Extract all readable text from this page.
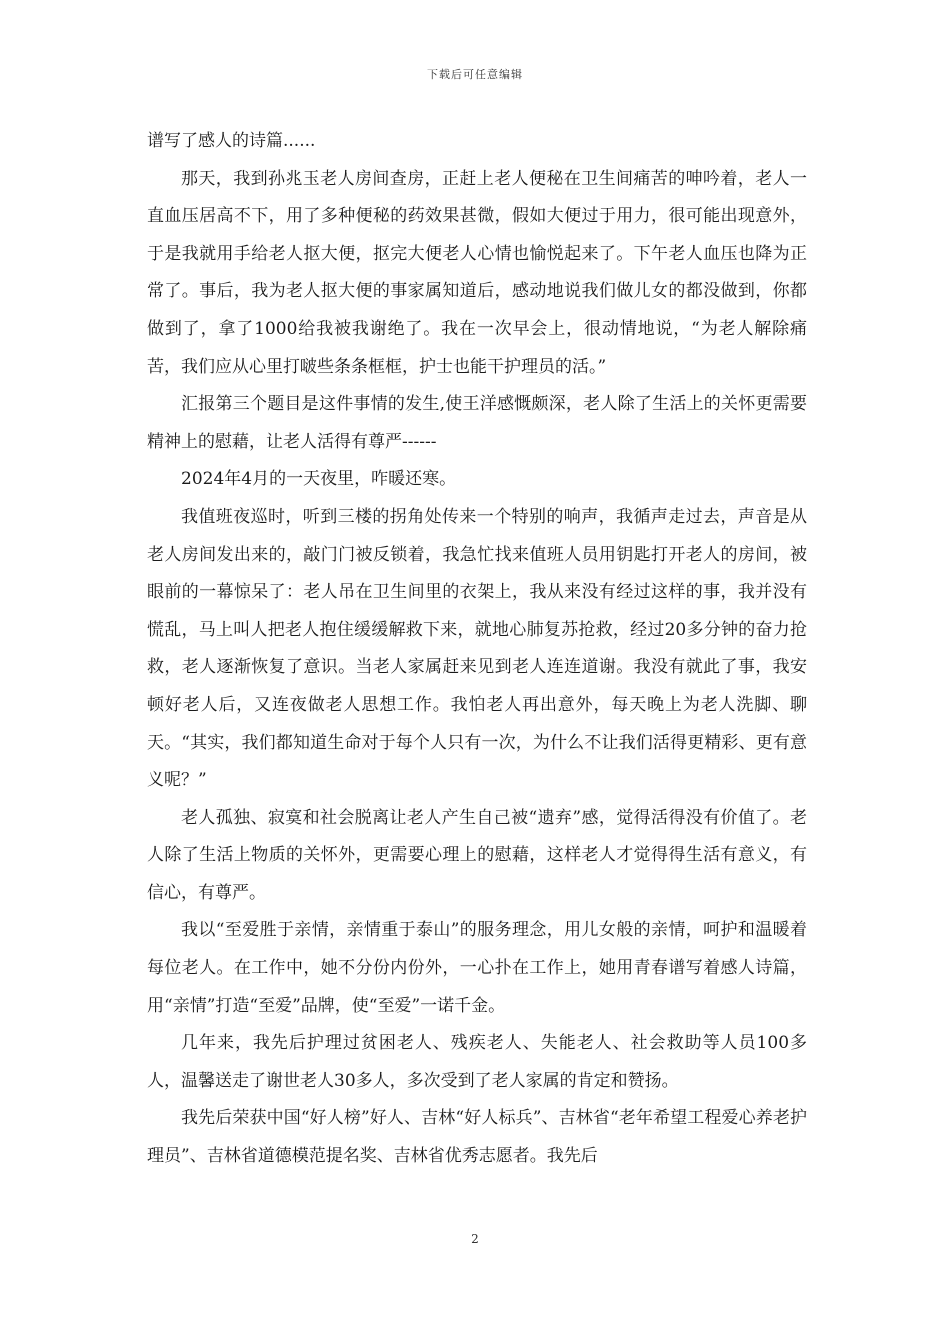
下载后可任意编辑

谱写了感人的诗篇......

那天，我到孙兆玉老人房间查房，正赶上老人便秘在卫生间痛苦的呻吟着，老人一直血压居高不下，用了多种便秘的药效果甚微，假如大便过于用力，很可能出现意外，于是我就用手给老人抠大便，抠完大便老人心情也愉悦起来了。下午老人血压也降为正常了。事后，我为老人抠大便的事家属知道后，感动地说我们做儿女的都没做到，你都做到了，拿了1000给我被我谢绝了。我在一次早会上，很动情地说，“为老人解除痛苦，我们应从心里打啵些条条框框，护士也能干护理员的活。”

汇报第三个题目是这件事情的发生,使王洋感慨颇深，老人除了生活上的关怀更需要精神上的慰藉，让老人活得有尊严------

2024年4月的一天夜里，咋暖还寒。

我值班夜巡时，听到三楼的拐角处传来一个特别的响声，我循声走过去，声音是从老人房间发出来的，敲门门被反锁着，我急忙找来值班人员用钥匙打开老人的房间，被眼前的一幕惊呆了：老人吊在卫生间里的衣架上，我从来没有经过这样的事，我并没有慌乱，马上叫人把老人抱住缓缓解救下来，就地心肺复苏抢救，经过20多分钟的奋力抢救，老人逐渐恢复了意识。当老人家属赶来见到老人连连道谢。我没有就此了事，我安顿好老人后，又连夜做老人思想工作。我怕老人再出意外，每天晚上为老人洗脚、聊天。“其实，我们都知道生命对于每个人只有一次，为什么不让我们活得更精彩、更有意义呢？”

老人孤独、寂寞和社会脱离让老人产生自己被“遗弃”感，觉得活得没有价值了。老人除了生活上物质的关怀外，更需要心理上的慰藉，这样老人才觉得得生活有意义，有信心，有尊严。

我以“至爱胜于亲情，亲情重于泰山”的服务理念，用儿女般的亲情，呵护和温暖着每位老人。在工作中，她不分份内份外，一心扑在工作上，她用青春谱写着感人诗篇，用“亲情”打造“至爱”品牌，使“至爱”一诺千金。

几年来，我先后护理过贫困老人、残疾老人、失能老人、社会救助等人员100多人，温馨送走了谢世老人30多人，多次受到了老人家属的肯定和赞扬。

我先后荣获中国“好人榜”好人、吉林“好人标兵”、吉林省“老年希望工程爱心养老护理员”、吉林省道德模范提名奖、吉林省优秀志愿者。我先后

2
